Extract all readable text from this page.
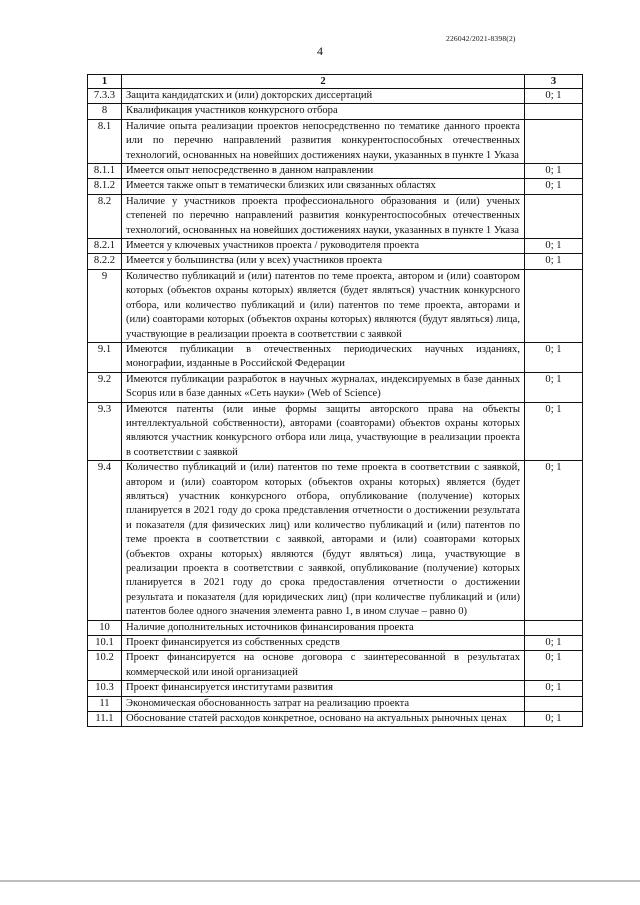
226042/2021-8398(2)
4
1	2	3
7.3.3	Защита кандидатских и (или) докторских диссертаций	0; 1
8	Квалификация участников конкурсного отбора	
8.1	Наличие опыта реализации проектов непосредственно по тематике данного проекта или по перечню направлений развития конкурентоспособных отечественных технологий, основанных на новейших достижениях науки, указанных в пункте 1 Указа	
8.1.1	Имеется опыт непосредственно в данном направлении	0; 1
8.1.2	Имеется также опыт в тематически близких или связанных областях	0; 1
8.2	Наличие у участников проекта профессионального образования и (или) ученых степеней по перечню направлений развития конкурентоспособных отечественных технологий, основанных на новейших достижениях науки, указанных в пункте 1 Указа	
8.2.1	Имеется у ключевых участников проекта / руководителя проекта	0; 1
8.2.2	Имеется у большинства (или у всех) участников проекта	0; 1
9	Количество публикаций и (или) патентов по теме проекта, автором и (или) соавтором которых (объектов охраны которых) является (будет являться) участник конкурсного отбора, или количество публикаций и (или) патентов по теме проекта, авторами и (или) соавторами которых (объектов охраны которых) являются (будут являться) лица, участвующие в реализации проекта в соответствии с заявкой	
9.1	Имеются публикации в отечественных периодических научных изданиях, монографии, изданные в Российской Федерации	0; 1
9.2	Имеются публикации разработок в научных журналах, индексируемых в базе данных Scopus или в базе данных «Сеть науки» (Web of Science)	0; 1
9.3	Имеются патенты (или иные формы защиты авторского права на объекты интеллектуальной собственности), авторами (соавторами) объектов охраны которых являются участник конкурсного отбора или лица, участвующие в реализации проекта в соответствии с заявкой	0; 1
9.4	Количество публикаций и (или) патентов по теме проекта в соответствии с заявкой, автором и (или) соавтором которых (объектов охраны которых) является (будет являться) участник конкурсного отбора, опубликование (получение) которых планируется в 2021 году до срока представления отчетности о достижении результата и показателя (для физических лиц) или количество публикаций и (или) патентов по теме проекта в соответствии с заявкой, авторами и (или) соавторами которых (объектов охраны которых) являются (будут являться) лица, участвующие в реализации проекта в соответствии с заявкой, опубликование (получение) которых планируется в 2021 году до срока предоставления отчетности о достижении результата и показателя (для юридических лиц) (при количестве публикаций и (или) патентов более одного значения элемента равно 1, в ином случае – равно 0)	0; 1
10	Наличие дополнительных источников финансирования проекта	
10.1	Проект финансируется из собственных средств	0; 1
10.2	Проект финансируется на основе договора с заинтересованной в результатах коммерческой или иной организацией	0; 1
10.3	Проект финансируется институтами развития	0; 1
11	Экономическая обоснованность затрат на реализацию проекта	
11.1	Обоснование статей расходов конкретное, основано на актуальных рыночных ценах	0; 1
